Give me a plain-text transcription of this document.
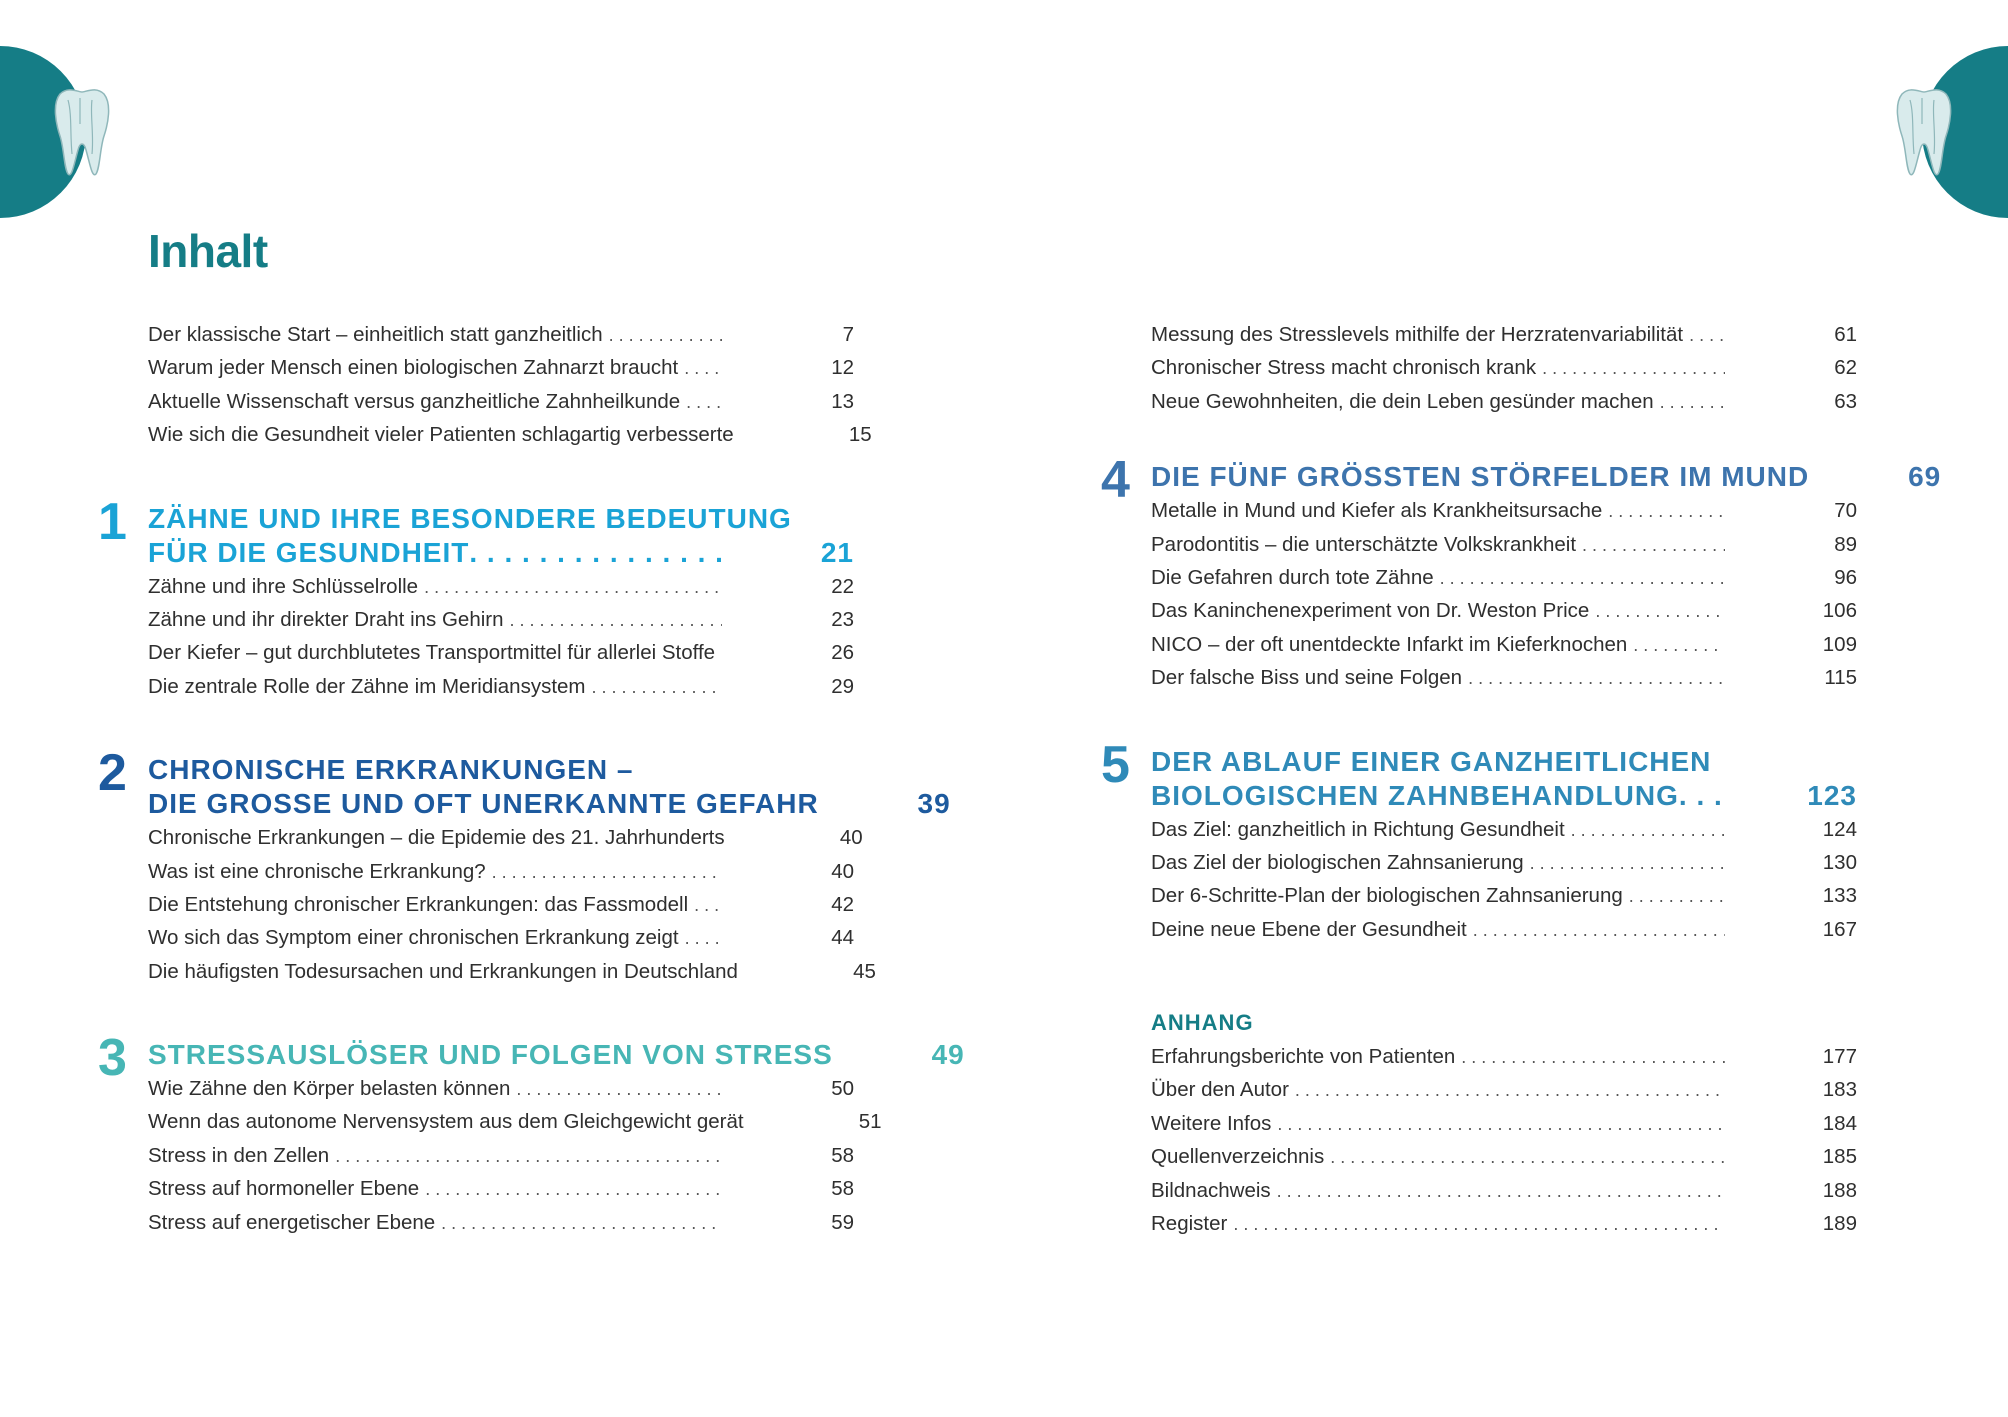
Inhalt
Der klassische Start – einheitlich statt ganzheitlich . . .	7
Warum jeder Mensch einen biologischen Zahnarzt braucht . . .	12
Aktuelle Wissenschaft versus ganzheitliche Zahnheilkunde . . .	13
Wie sich die Gesundheit vieler Patienten schlagartig verbesserte	15
1 ZÄHNE UND IHRE BESONDERE BEDEUTUNG
FÜR DIE GESUNDHEIT . . .	21
Zähne und ihre Schlüsselrolle . . .	22
Zähne und ihr direkter Draht ins Gehirn . . .	23
Der Kiefer – gut durchblutetes Transportmittel für allerlei Stoffe . . .	26
Die zentrale Rolle der Zähne im Meridiansystem . . .	29
2 CHRONISCHE ERKRANKUNGEN –
DIE GROSSE UND OFT UNERKANNTE GEFAHR	39
Chronische Erkrankungen – die Epidemie des 21. Jahrhunderts	40
Was ist eine chronische Erkrankung? . . .	40
Die Entstehung chronischer Erkrankungen: das Fassmodell . . .	42
Wo sich das Symptom einer chronischen Erkrankung zeigt . . .	44
Die häufigsten Todesursachen und Erkrankungen in Deutschland	45
3 STRESSAUSLÖSER UND FOLGEN VON STRESS	49
Wie Zähne den Körper belasten können . . .	50
Wenn das autonome Nervensystem aus dem Gleichgewicht gerät	51
Stress in den Zellen . . .	58
Stress auf hormoneller Ebene . . .	58
Stress auf energetischer Ebene . . .	59
Messung des Stresslevels mithilfe der Herzratenvariabilität . . .	61
Chronischer Stress macht chronisch krank . . .	62
Neue Gewohnheiten, die dein Leben gesünder machen . . .	63
4 DIE FÜNF GRÖSSTEN STÖRFELDER IM MUND	69
Metalle in Mund und Kiefer als Krankheitsursache . . .	70
Parodontitis – die unterschätzte Volkskrankheit . . .	89
Die Gefahren durch tote Zähne . . .	96
Das Kaninchenexperiment von Dr. Weston Price . . .	106
NICO – der oft unentdeckte Infarkt im Kieferknochen . . .	109
Der falsche Biss und seine Folgen . . .	115
5 DER ABLAUF EINER GANZHEITLICHEN
BIOLOGISCHEN ZAHNBEHANDLUNG . . .	123
Das Ziel: ganzheitlich in Richtung Gesundheit . . .	124
Das Ziel der biologischen Zahnsanierung . . .	130
Der 6-Schritte-Plan der biologischen Zahnsanierung . . .	133
Deine neue Ebene der Gesundheit . . .	167
ANHANG
Erfahrungsberichte von Patienten . . .	177
Über den Autor . . .	183
Weitere Infos . . .	184
Quellenverzeichnis . . .	185
Bildnachweis . . .	188
Register . . .	189
